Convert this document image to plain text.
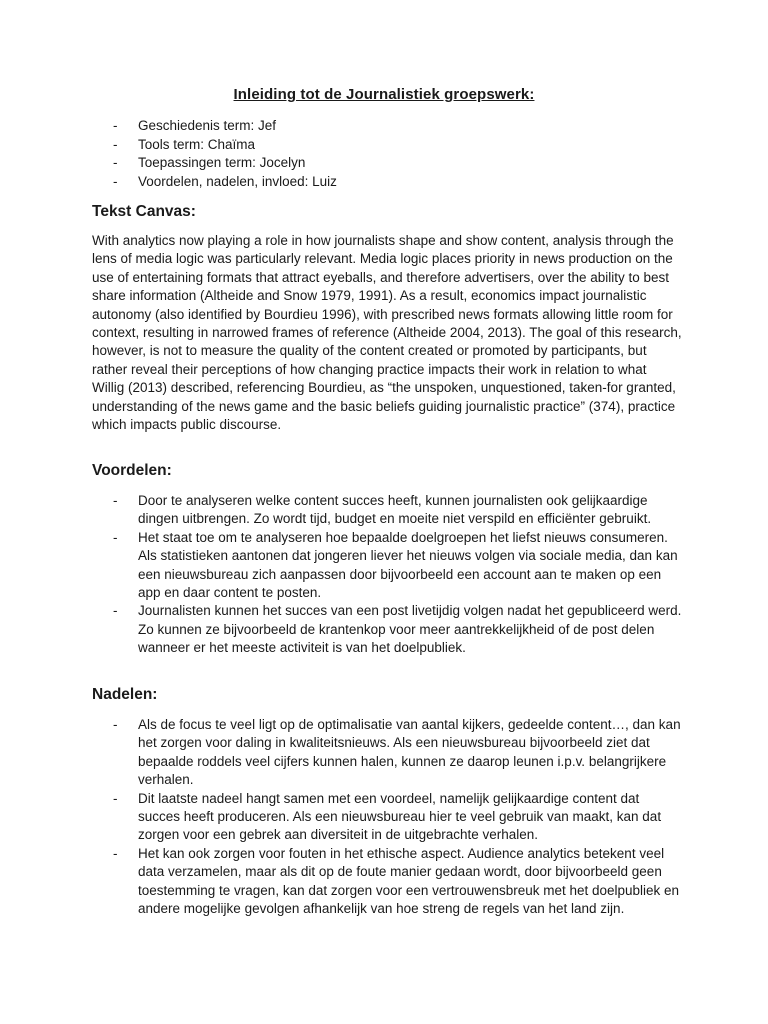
Inleiding tot de Journalistiek groepswerk:
- Geschiedenis term: Jef
- Tools term: Chaïma
- Toepassingen term: Jocelyn
- Voordelen, nadelen, invloed: Luiz
Tekst Canvas:
With analytics now playing a role in how journalists shape and show content, analysis through the lens of media logic was particularly relevant. Media logic places priority in news production on the use of entertaining formats that attract eyeballs, and therefore advertisers, over the ability to best share information (Altheide and Snow 1979, 1991). As a result, economics impact journalistic autonomy (also identified by Bourdieu 1996), with prescribed news formats allowing little room for context, resulting in narrowed frames of reference (Altheide 2004, 2013). The goal of this research, however, is not to measure the quality of the content created or promoted by participants, but rather reveal their perceptions of how changing practice impacts their work in relation to what Willig (2013) described, referencing Bourdieu, as “the unspoken, unquestioned, taken-for granted, understanding of the news game and the basic beliefs guiding journalistic practice” (374), practice which impacts public discourse.
Voordelen:
- Door te analyseren welke content succes heeft, kunnen journalisten ook gelijkaardige dingen uitbrengen. Zo wordt tijd, budget en moeite niet verspild en efficiënter gebruikt.
- Het staat toe om te analyseren hoe bepaalde doelgroepen het liefst nieuws consumeren. Als statistieken aantonen dat jongeren liever het nieuws volgen via sociale media, dan kan een nieuwsbureau zich aanpassen door bijvoorbeeld een account aan te maken op een app en daar content te posten.
- Journalisten kunnen het succes van een post livetijdig volgen nadat het gepubliceerd werd. Zo kunnen ze bijvoorbeeld de krantenkop voor meer aantrekkelijkheid of de post delen wanneer er het meeste activiteit is van het doelpubliek.
Nadelen:
- Als de focus te veel ligt op de optimalisatie van aantal kijkers, gedeelde content…, dan kan het zorgen voor daling in kwaliteitsnieuws. Als een nieuwsbureau bijvoorbeeld ziet dat bepaalde roddels veel cijfers kunnen halen, kunnen ze daarop leunen i.p.v. belangrijkere verhalen.
- Dit laatste nadeel hangt samen met een voordeel, namelijk gelijkaardige content dat succes heeft produceren. Als een nieuwsbureau hier te veel gebruik van maakt, kan dat zorgen voor een gebrek aan diversiteit in de uitgebrachte verhalen.
- Het kan ook zorgen voor fouten in het ethische aspect. Audience analytics betekent veel data verzamelen, maar als dit op de foute manier gedaan wordt, door bijvoorbeeld geen toestemming te vragen, kan dat zorgen voor een vertrouwensbreuk met het doelpubliek en andere mogelijke gevolgen afhankelijk van hoe streng de regels van het land zijn.
